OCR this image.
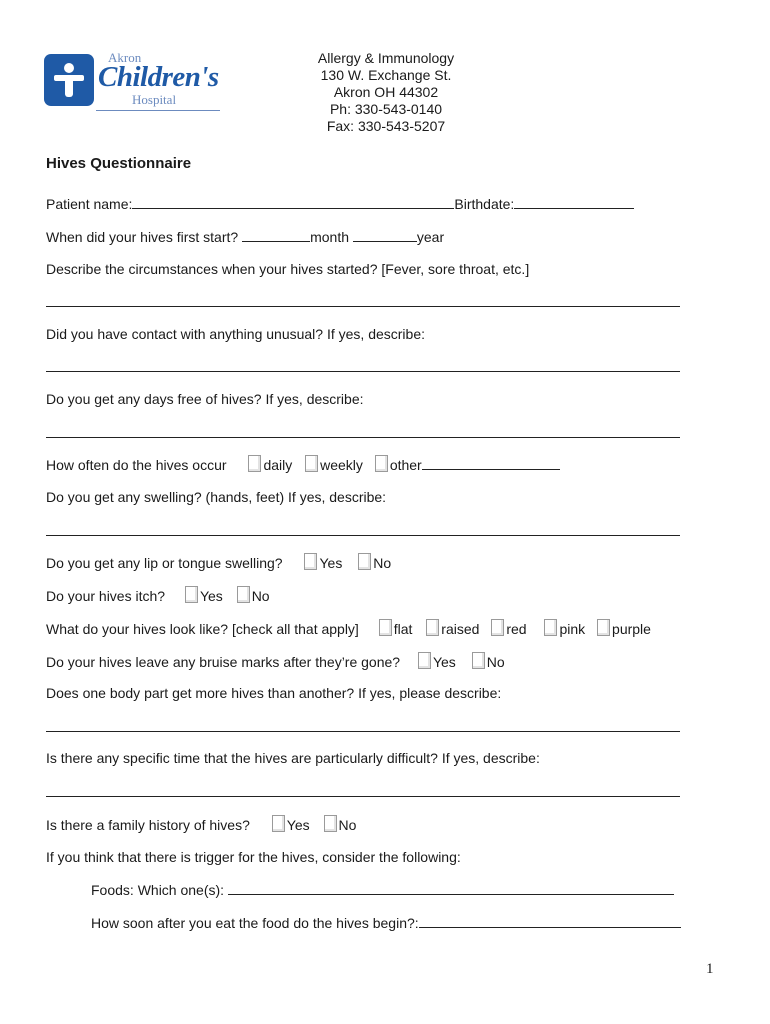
Akron
Children's
Hospital
Allergy & Immunology
130 W. Exchange St.
Akron OH 44302
Ph: 330-543-0140
Fax: 330-543-5207
Hives Questionnaire
Patient name:	Birthdate:
When did your hives first start?	month	year
Describe the circumstances when your hives started? [Fever, sore throat, etc.]
Did you have contact with anything unusual? If yes, describe:
Do you get any days free of hives? If yes, describe:
How often do the hives occur	daily weekly other
Do you get any swelling? (hands, feet) If yes, describe:
Do you get any lip or tongue swelling?	Yes No
Do your hives itch? Yes No
What do your hives look like? [check all that apply] flat raised red pink purple
Do your hives leave any bruise marks after they’re gone? Yes No
Does one body part get more hives than another? If yes, please describe:
Is there any specific time that the hives are particularly difficult? If yes, describe:
Is there a family history of hives?	Yes No
If you think that there is trigger for the hives, consider the following:
Foods: Which one(s):
How soon after you eat the food do the hives begin?:
1
